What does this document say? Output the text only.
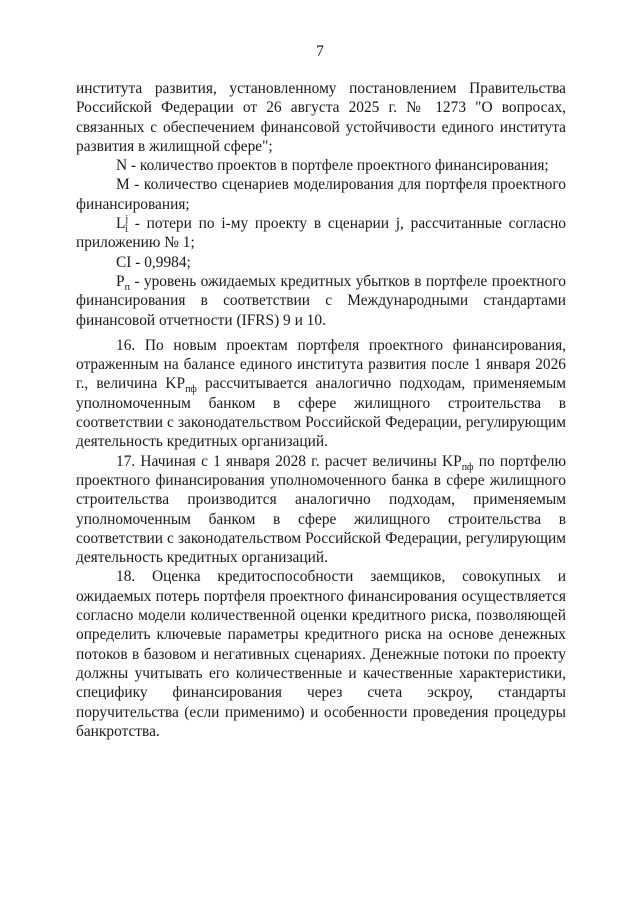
7

института развития, установленному постановлением Правительства Российской Федерации от 26 августа 2025 г. № 1273 "О вопросах, связанных с обеспечением финансовой устойчивости единого института развития в жилищной сфере";

N - количество проектов в портфеле проектного финансирования;

M - количество сценариев моделирования для портфеля проектного финансирования;

$L^j_i$ - потери по i-му проекту в сценарии j, рассчитанные согласно приложению № 1;

CI - 0,9984;

$P_п$ - уровень ожидаемых кредитных убытков в портфеле проектного финансирования в соответствии с Международными стандартами финансовой отчетности (IFRS) 9 и 10.

16. По новым проектам портфеля проектного финансирования, отраженным на балансе единого института развития после 1 января 2026 г., величина $KP_{пф}$ рассчитывается аналогично подходам, применяемым уполномоченным банком в сфере жилищного строительства в соответствии с законодательством Российской Федерации, регулирующим деятельность кредитных организаций.

17. Начиная с 1 января 2028 г. расчет величины $KP_{пф}$ по портфелю проектного финансирования уполномоченного банка в сфере жилищного строительства производится аналогично подходам, применяемым уполномоченным банком в сфере жилищного строительства в соответствии с законодательством Российской Федерации, регулирующим деятельность кредитных организаций.

18. Оценка кредитоспособности заемщиков, совокупных и ожидаемых потерь портфеля проектного финансирования осуществляется согласно модели количественной оценки кредитного риска, позволяющей определить ключевые параметры кредитного риска на основе денежных потоков в базовом и негативных сценариях. Денежные потоки по проекту должны учитывать его количественные и качественные характеристики, специфику финансирования через счета эскроу, стандарты поручительства (если применимо) и особенности проведения процедуры банкротства.
